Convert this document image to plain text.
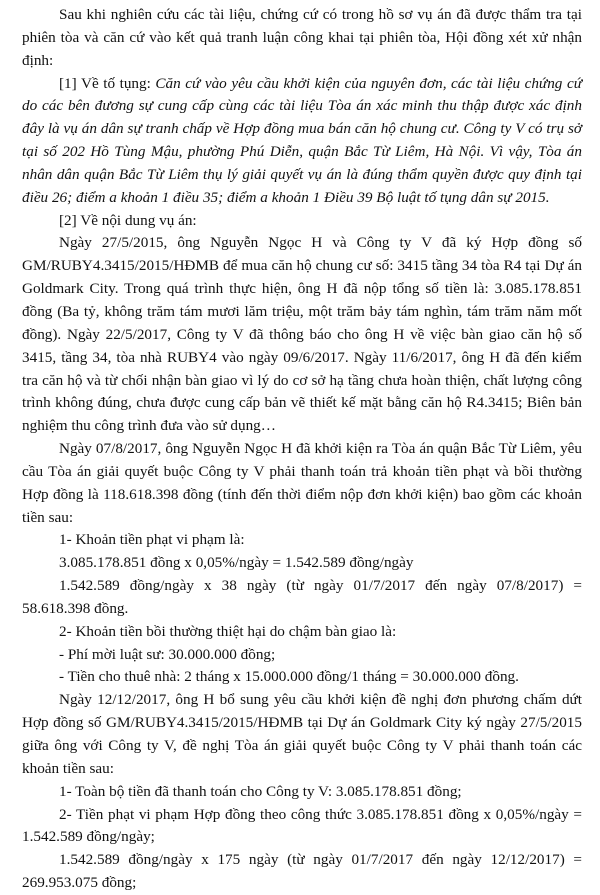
Sau khi nghiên cứu các tài liệu, chứng cứ có trong hồ sơ vụ án đã được thẩm tra tại phiên tòa và căn cứ vào kết quả tranh luận công khai tại phiên tòa, Hội đồng xét xử nhận định:

[1] Về tố tụng: Căn cứ vào yêu cầu khởi kiện của nguyên đơn, các tài liệu chứng cứ do các bên đương sự cung cấp cùng các tài liệu Tòa án xác minh thu thập được xác định đây là vụ án dân sự tranh chấp về Hợp đồng mua bán căn hộ chung cư. Công ty V có trụ sở tại số 202 Hồ Tùng Mậu, phường Phú Diễn, quận Bắc Từ Liêm, Hà Nội. Vì vậy, Tòa án nhân dân quận Bắc Từ Liêm thụ lý giải quyết vụ án là đúng thẩm quyền được quy định tại điều 26; điểm a khoản 1 điều 35; điểm a khoản 1 Điều 39 Bộ luật tố tụng dân sự 2015.

[2] Về nội dung vụ án:

Ngày 27/5/2015, ông Nguyễn Ngọc H và Công ty V đã ký Hợp đồng số GM/RUBY4.3415/2015/HĐMB để mua căn hộ chung cư số: 3415 tầng 34 tòa R4 tại Dự án Goldmark City. Trong quá trình thực hiện, ông H đã nộp tổng số tiền là: 3.085.178.851 đồng (Ba tỷ, không trăm tám mươi lăm triệu, một trăm bảy tám nghìn, tám trăm năm mốt đồng). Ngày 22/5/2017, Công ty V đã thông báo cho ông H về việc bàn giao căn hộ số 3415, tầng 34, tòa nhà RUBY4 vào ngày 09/6/2017. Ngày 11/6/2017, ông H đã đến kiểm tra căn hộ và từ chối nhận bàn giao vì lý do cơ sở hạ tầng chưa hoàn thiện, chất lượng công trình không đúng, chưa được cung cấp bản vẽ thiết kế mặt bằng căn hộ R4.3415; Biên bản nghiệm thu công trình đưa vào sử dụng…

Ngày 07/8/2017, ông Nguyễn Ngọc H đã khởi kiện ra Tòa án quận Bắc Từ Liêm, yêu cầu Tòa án giải quyết buộc Công ty V phải thanh toán trả khoản tiền phạt và bồi thường Hợp đồng là 118.618.398 đồng (tính đến thời điểm nộp đơn khởi kiện) bao gồm các khoản tiền sau:

1- Khoản tiền phạt vi phạm là:

3.085.178.851 đồng x 0,05%/ngày = 1.542.589 đồng/ngày

1.542.589 đồng/ngày x 38 ngày (từ ngày 01/7/2017 đến ngày 07/8/2017) = 58.618.398 đồng.

2- Khoản tiền bồi thường thiệt hại do chậm bàn giao là:

- Phí mời luật sư: 30.000.000 đồng;

- Tiền cho thuê nhà: 2 tháng x 15.000.000 đồng/1 tháng = 30.000.000 đồng.

Ngày 12/12/2017, ông H bổ sung yêu cầu khởi kiện đề nghị đơn phương chấm dứt Hợp đồng số GM/RUBY4.3415/2015/HĐMB tại Dự án Goldmark City ký ngày 27/5/2015 giữa ông với Công ty V, đề nghị Tòa án giải quyết buộc Công ty V phải thanh toán các khoản tiền sau:

1- Toàn bộ tiền đã thanh toán cho Công ty V: 3.085.178.851 đồng;

2- Tiền phạt vi phạm Hợp đồng theo công thức 3.085.178.851 đồng x 0,05%/ngày = 1.542.589 đồng/ngày;

1.542.589 đồng/ngày x 175 ngày (từ ngày 01/7/2017 đến ngày 12/12/2017) = 269.953.075 đồng;
